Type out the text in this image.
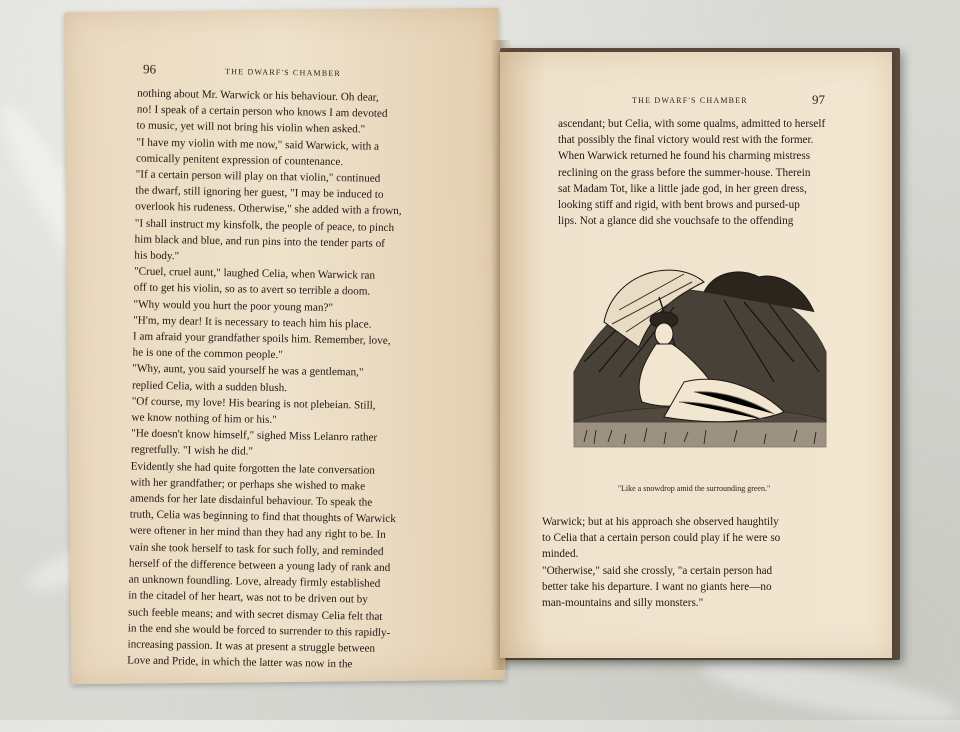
96	THE DWARF'S CHAMBER
nothing about Mr. Warwick or his behaviour. Oh dear,
no! I speak of a certain person who knows I am devoted
to music, yet will not bring his violin when asked."
"I have my violin with me now," said Warwick, with a
comically penitent expression of countenance.
"If a certain person will play on that violin," continued
the dwarf, still ignoring her guest, "I may be induced to
overlook his rudeness. Otherwise," she added with a frown,
"I shall instruct my kinsfolk, the people of peace, to pinch
him black and blue, and run pins into the tender parts of
his body."
"Cruel, cruel aunt," laughed Celia, when Warwick ran
off to get his violin, so as to avert so terrible a doom.
"Why would you hurt the poor young man?"
"H'm, my dear! It is necessary to teach him his place.
I am afraid your grandfather spoils him. Remember, love,
he is one of the common people."
"Why, aunt, you said yourself he was a gentleman,"
replied Celia, with a sudden blush.
"Of course, my love! His bearing is not plebeian. Still,
we know nothing of him or his."
"He doesn't know himself," sighed Miss Lelanro rather
regretfully. "I wish he did."
Evidently she had quite forgotten the late conversation
with her grandfather; or perhaps she wished to make
amends for her late disdainful behaviour. To speak the
truth, Celia was beginning to find that thoughts of Warwick
were oftener in her mind than they had any right to be. In
vain she took herself to task for such folly, and reminded
herself of the difference between a young lady of rank and
an unknown foundling. Love, already firmly established
in the citadel of her heart, was not to be driven out by
such feeble means; and with secret dismay Celia felt that
in the end she would be forced to surrender to this rapidly-
increasing passion. It was at present a struggle between
Love and Pride, in which the latter was now in the
THE DWARF'S CHAMBER	97
ascendant; but Celia, with some qualms, admitted to herself
that possibly the final victory would rest with the former.
When Warwick returned he found his charming mistress
reclining on the grass before the summer-house. Therein
sat Madam Tot, like a little jade god, in her green dress,
looking stiff and rigid, with bent brows and pursed-up
lips. Not a glance did she vouchsafe to the offending
"Like a snowdrop amid the surrounding green."
Warwick; but at his approach she observed haughtily
to Celia that a certain person could play if he were so
minded.
"Otherwise," said she crossly, "a certain person had
better take his departure. I want no giants here—no
man-mountains and silly monsters."
